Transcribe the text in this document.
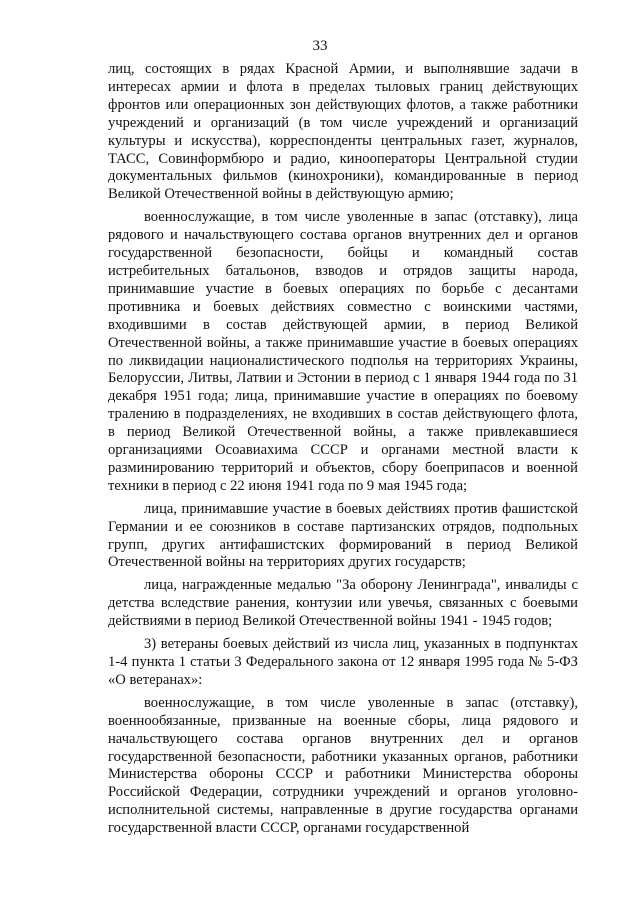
33

лиц, состоящих в рядах Красной Армии, и выполнявшие задачи в интересах армии и флота в пределах тыловых границ действующих фронтов или операционных зон действующих флотов, а также работники учреждений и организаций (в том числе учреждений и организаций культуры и искусства), корреспонденты центральных газет, журналов, ТАСС, Совинформбюро и радио, кинооператоры Центральной студии документальных фильмов (кинохроники), командированные в период Великой Отечественной войны в действующую армию;

военнослужащие, в том числе уволенные в запас (отставку), лица рядового и начальствующего состава органов внутренних дел и органов государственной безопасности, бойцы и командный состав истребительных батальонов, взводов и отрядов защиты народа, принимавшие участие в боевых операциях по борьбе с десантами противника и боевых действиях совместно с воинскими частями, входившими в состав действующей армии, в период Великой Отечественной войны, а также принимавшие участие в боевых операциях по ликвидации националистического подполья на территориях Украины, Белоруссии, Литвы, Латвии и Эстонии в период с 1 января 1944 года по 31 декабря 1951 года; лица, принимавшие участие в операциях по боевому тралению в подразделениях, не входивших в состав действующего флота, в период Великой Отечественной войны, а также привлекавшиеся организациями Осоавиахима СССР и органами местной власти к разминированию территорий и объектов, сбору боеприпасов и военной техники в период с 22 июня 1941 года по 9 мая 1945 года;

лица, принимавшие участие в боевых действиях против фашистской Германии и ее союзников в составе партизанских отрядов, подпольных групп, других антифашистских формирований в период Великой Отечественной войны на территориях других государств;

лица, награжденные медалью "За оборону Ленинграда", инвалиды с детства вследствие ранения, контузии или увечья, связанных с боевыми действиями в период Великой Отечественной войны 1941 - 1945 годов;

3) ветераны боевых действий из числа лиц, указанных в подпунктах 1-4 пункта 1 статьи 3 Федерального закона от 12 января 1995 года № 5-ФЗ «О ветеранах»:

военнослужащие, в том числе уволенные в запас (отставку), военнообязанные, призванные на военные сборы, лица рядового и начальствующего состава органов внутренних дел и органов государственной безопасности, работники указанных органов, работники Министерства обороны СССР и работники Министерства обороны Российской Федерации, сотрудники учреждений и органов уголовно-исполнительной системы, направленные в другие государства органами государственной власти СССР, органами государственной
